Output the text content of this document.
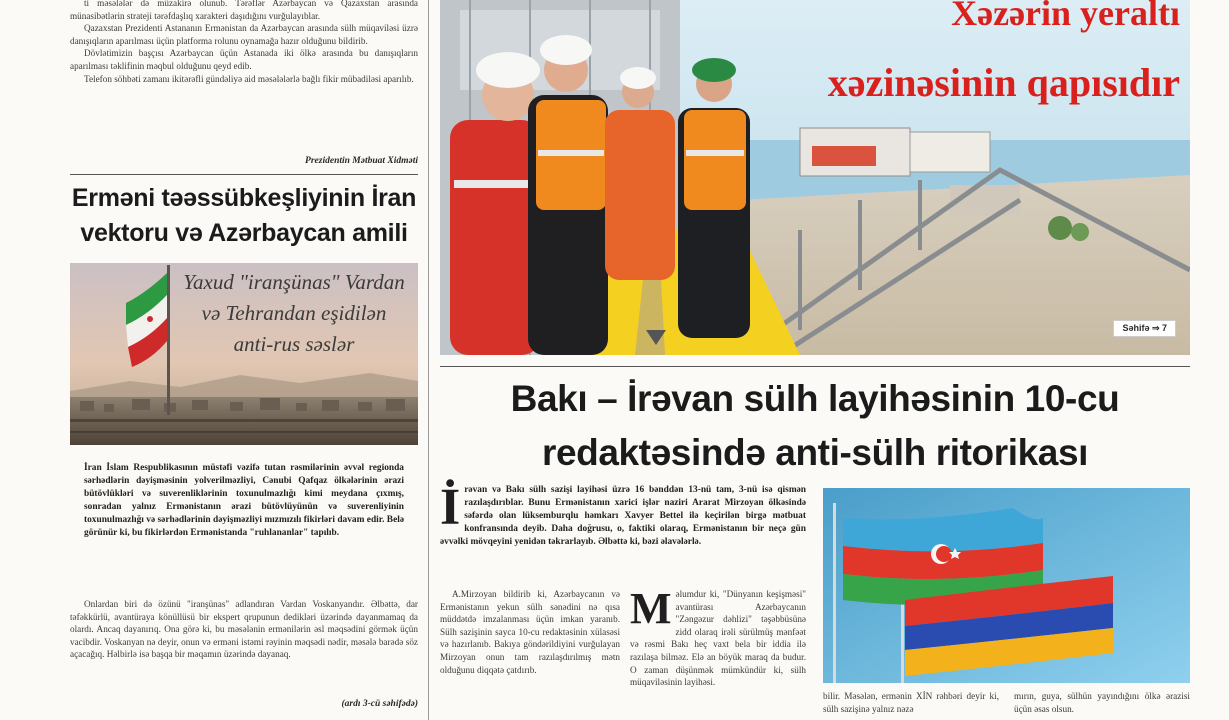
ti məsələlər də müzakirə olunub. Tərəflər Azərbaycan və Qazaxstan arasında münasibətlərin strateji tərəfdaşlıq xarakteri daşıdığını vurğulayıblar.

Qazaxstan Prezidenti Astananın Ermənistan da Azərbaycan arasında sülh müqaviləsi üzrə danışıqların aparılması üçün platforma rolunu oynamağa hazır olduğunu bildirib.

Dövlətimizin başçısı Azərbaycan üçün Astanada iki ölkə arasında bu danışıqların aparılması təklifinin məqbul olduğunu qeyd edib.

Telefon söhbəti zamanı ikitərəfli gündəliyə aid məsələlərlə bağlı fikir mübadiləsi aparılıb.

Prezidentin Mətbuat Xidməti
Erməni təəssübkeşliyinin İran vektoru və Azərbaycan amili
Yaxud "iranşünas" Vardan və Tehrandan eşidilən anti-rus səslər
İran İslam Respublikasının müstəfi vəzifə tutan rəsmilərinin əvvəl regionda sərhədlərin dəyişməsinin yolverilməzliyi, Cənubi Qafqaz ölkələrinin ərazi bütövlükləri və suverenliklərinin toxunulmazlığı kimi meydana çıxmış, sonradan yalnız Ermənistanın ərazi bütövlüyünün və suverenliyinin toxunulmazlığı və sərhədlərinin dəyişməzliyi mızmızılı fikirləri davam edir. Belə görünür ki, bu fikirlərdən Ermənistanda "ruhlananlar" tapılıb.
Onlardan biri də özünü "iranşünas" adlandıran Vardan Voskanyandır. Əlbəttə, dar təfəkkürlü, avantüraya könüllüsü bir ekspert qrupunun dedikləri üzərində dayanmamaq da olardı. Ancaq dayanırıq. Ona görə ki, bu məsələnin ermənilərin əsl məqsədini görmək üçün vacibdir. Voskanyan nə deyir, onun və erməni istəmi rəyinin məqsədi nədir, məsələ barədə söz açacağıq. Həlbirlə isə başqa bir məqamın üzərində dayanaq.
(ardı 3-cü səhifədə)
Xəzərin yeraltı
xəzinəsinin qapısıdır
Səhifə ⇒ 7
Bakı – İrəvan sülh layihəsinin 10-cu redaktəsində anti-sülh ritorikası
İ rəvan və Bakı sülh sazişi layihəsi üzrə 16 bənddən 13-nü tam, 3-nü isə qismən razılaşdırıblar. Bunu Ermənistanın xarici işlər naziri Ararat Mirzoyan ölkəsində səfərdə olan lüksemburqlu həmkarı Xavyer Bettel ilə keçirilən birgə mətbuat konfransında deyib. Daha doğrusu, o, faktiki olaraq, Ermənistanın bir neçə gün əvvəlki mövqeyini yenidən təkrarlayıb. Əlbəttə ki, bəzi əlavələrlə.
A.Mirzoyan bildirib ki, Azərbaycanın və Ermənistanın yekun sülh sənədini nə qısa müddətdə imzalanması üçün imkan yaranıb. Sülh sazişinin sayca 10-cu redaktəsinin xülasəsi və hazırlanıb. Bakıya göndərildiyini vurğulayan Mirzoyan onun tam razılaşdırılmış mətn olduğunu diqqətə çatdırıb.
M əlumdur ki, "Dünyanın keşişməsi" avantürası Azərbaycanın "Zəngəzur dəhlizi" təşəbbüsünə zidd olaraq irəli sürülmüş mənfəət və rəsmi Bakı heç vaxt bela bir iddia ilə razılaşa bilməz. Elə an böyük maraq da budur. O zaman düşünmək mümkündür ki, sülh müqaviləsinin layihəsi.
bilir. Məsələn, ermənin XİN rəhbəri deyir ki, sülh sazişinə yalnız nəzə
mırın, guya, sülhün yayındığını ölkə ərazisi üçün əsas olsun.
